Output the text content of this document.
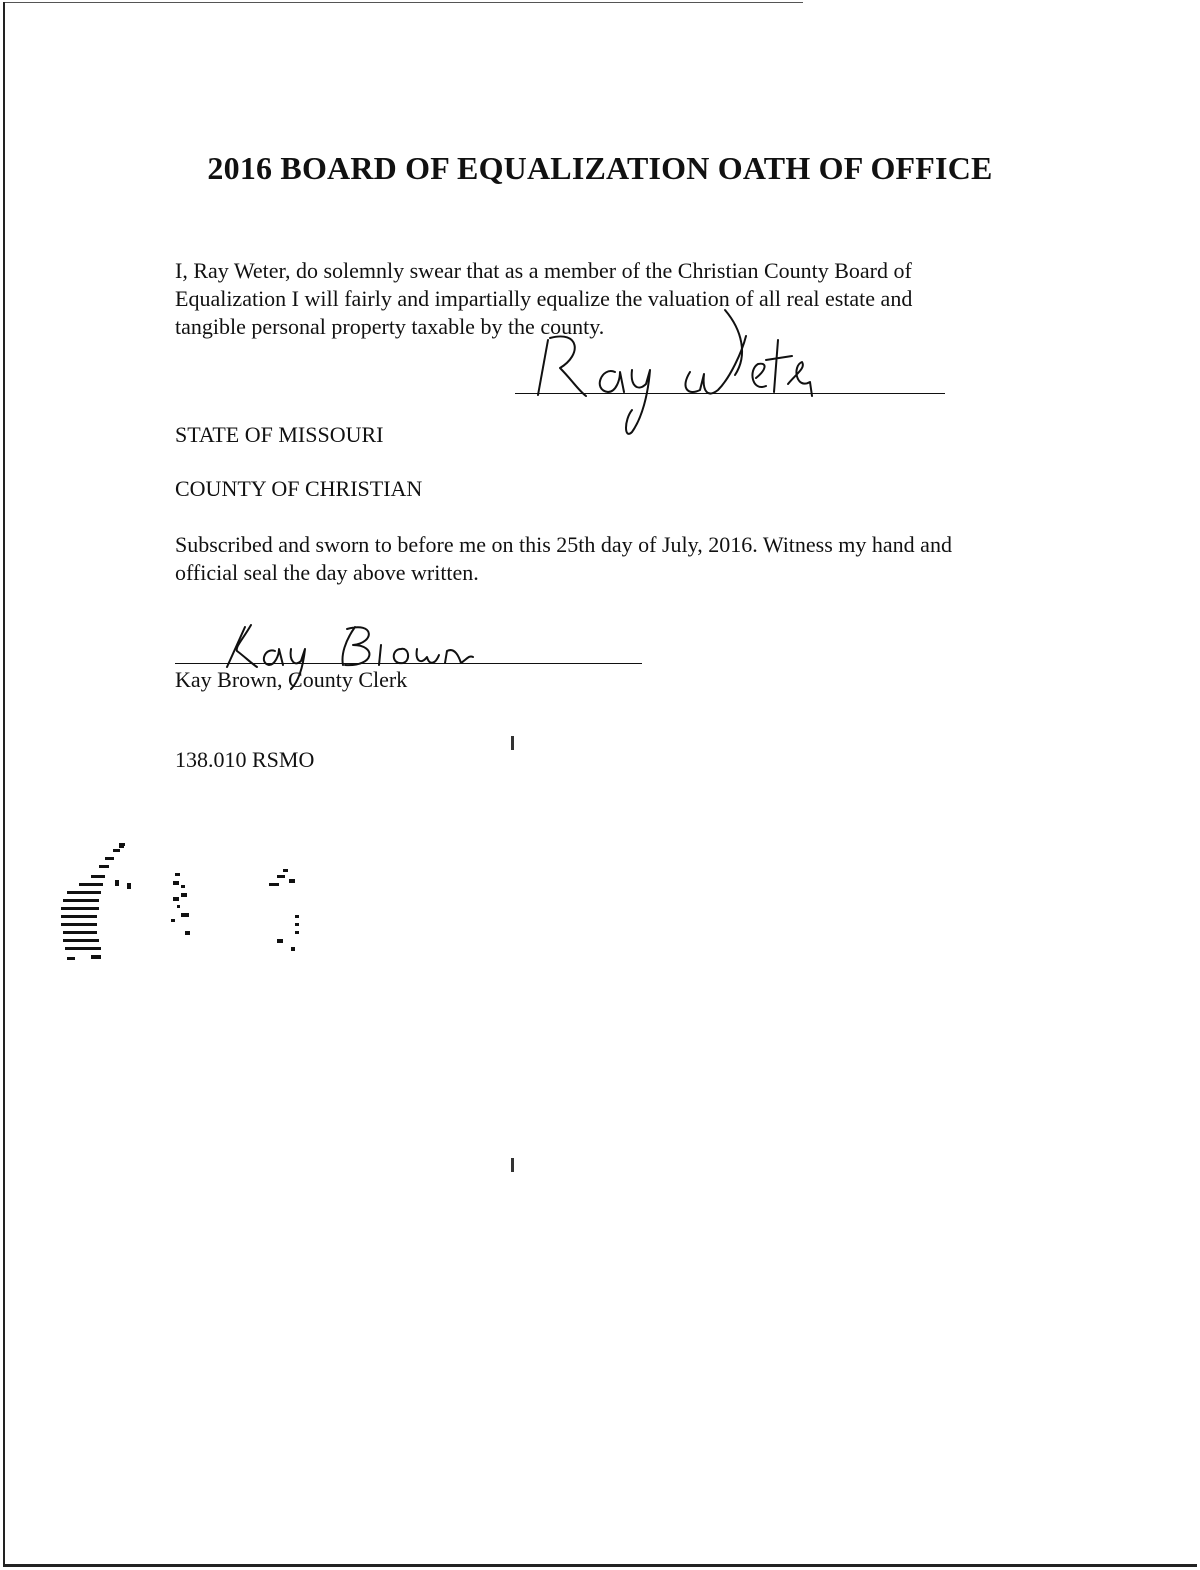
2016 BOARD OF EQUALIZATION OATH OF OFFICE
I, Ray Weter, do solemnly swear that as a member of the Christian County Board of
Equalization I will fairly and impartially equalize the valuation of all real estate and
tangible personal property taxable by the county.
STATE OF MISSOURI
COUNTY OF CHRISTIAN
Subscribed and sworn to before me on this 25th day of July, 2016. Witness my hand and
official seal the day above written.
Kay Brown, County Clerk
138.010 RSMO
